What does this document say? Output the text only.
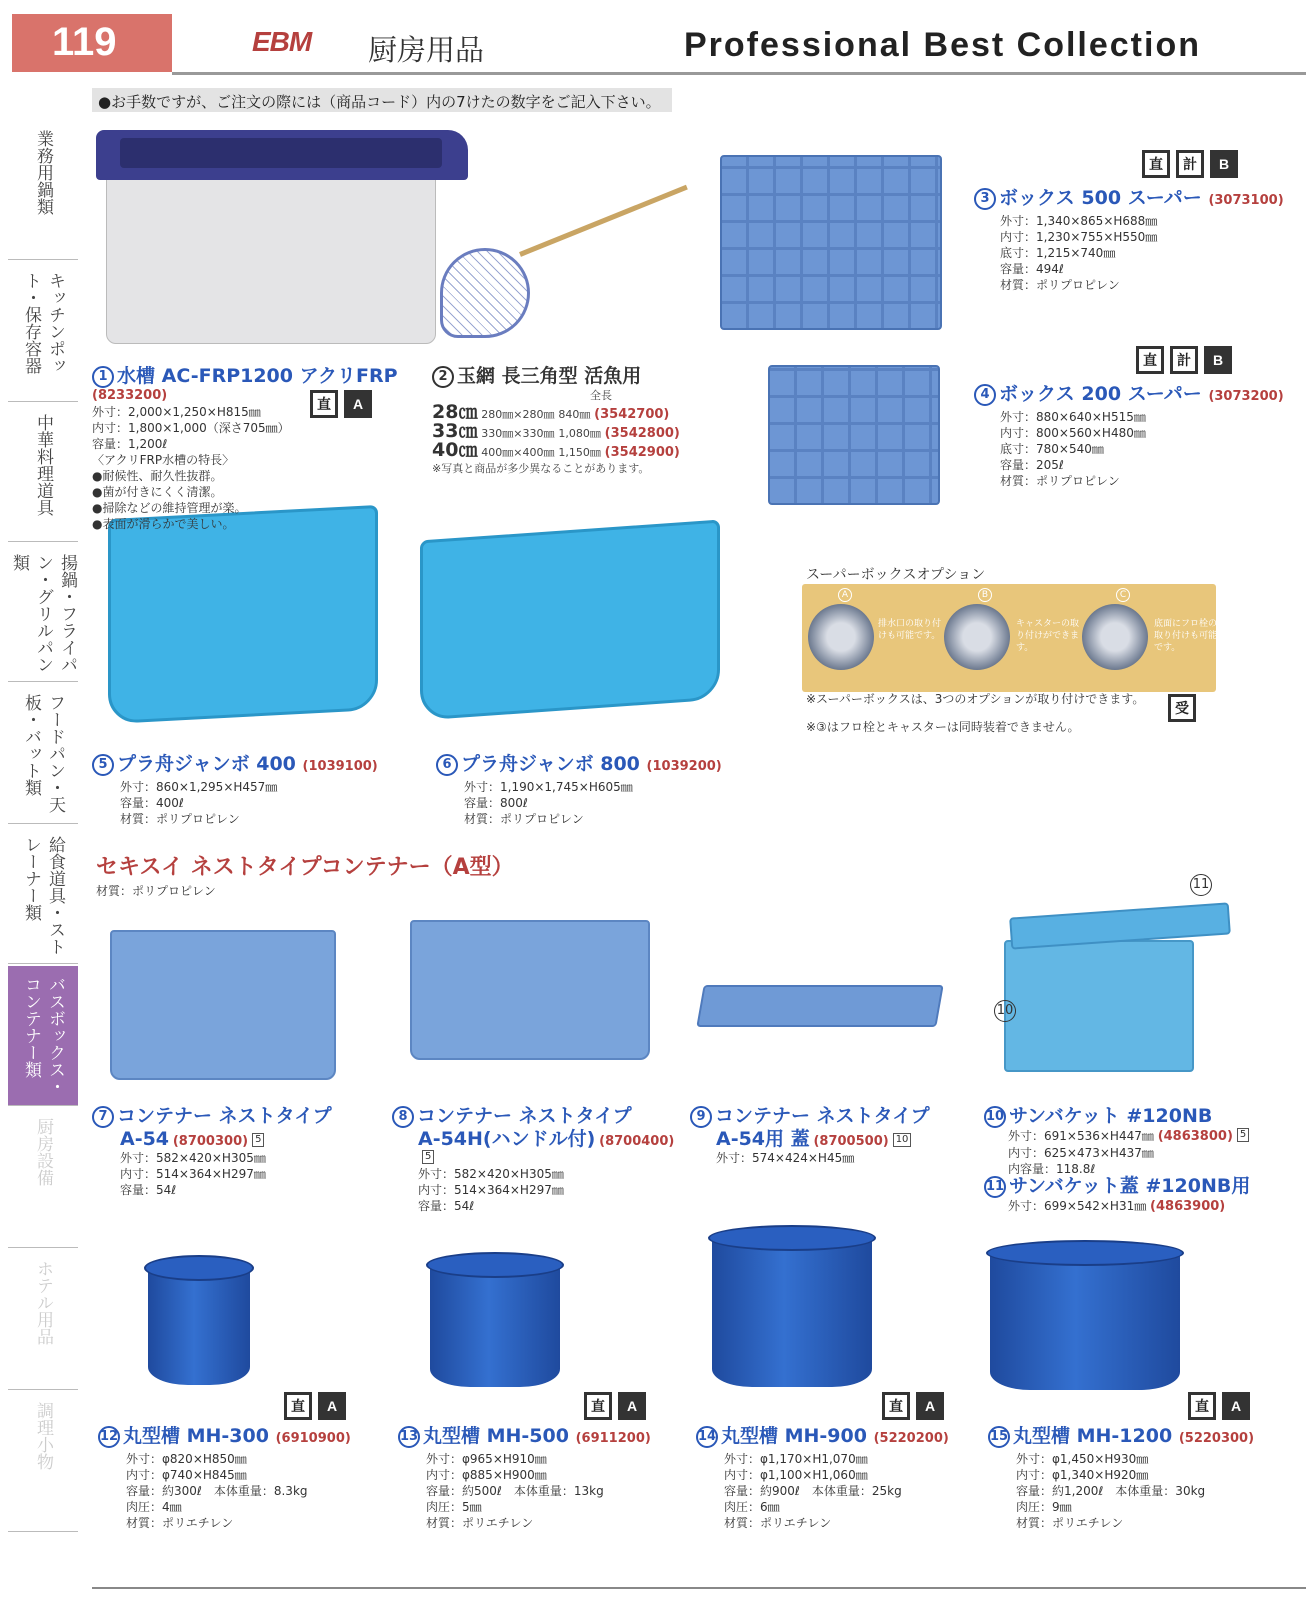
119	EBM 厨房用品	Professional Best Collection
●お手数ですが、ご注文の際には（商品コード）内の7けたの数字をご記入下さい。
業務用鍋類
キッチンポット・保存容器
中華料理道具
揚鍋・フライパン・グリルパン類
フードパン・天板・バット類
給食道具・ストレーナー類
バスボックス・コンテナー類
厨房設備
ホテル用品
調理小物
10
11
1 水槽 AC-FRP1200 アクリFRP
(8233200)
外寸：2,000×1,250×H815㎜
内寸：1,800×1,000（深さ705㎜）
容量：1,200ℓ
〈アクリFRP水槽の特長〉
●耐候性、耐久性抜群。
●菌が付きにくく清潔。
●掃除などの維持管理が楽。
●表面が滑らかで美しい。
直	A
2 玉網 長三角型 活魚用
全長
28㎝ 280㎜×280㎜ 840㎜ (3542700)
33㎝ 330㎜×330㎜ 1,080㎜ (3542800)
40㎝ 400㎜×400㎜ 1,150㎜ (3542900)
※写真と商品が多少異なることがあります。
直	計	B
3 ボックス 500 スーパー (3073100)
外寸：1,340×865×H688㎜
内寸：1,230×755×H550㎜
底寸：1,215×740㎜
容量：494ℓ
材質：ポリプロピレン
直	計	B
4 ボックス 200 スーパー (3073200)
外寸：880×640×H515㎜
内寸：800×560×H480㎜
底寸：780×540㎜
容量：205ℓ
材質：ポリプロピレン
スーパーボックスオプション
A
排水口の取り付けも可能です。
B
キャスターの取り付けができます。
C
底面にフロ栓の取り付けも可能です。
※スーパーボックスは、3つのオプションが取り付けできます。
受
※③はフロ栓とキャスターは同時装着できません。
5 プラ舟ジャンボ 400 (1039100)
外寸：860×1,295×H457㎜
容量：400ℓ
材質：ポリプロピレン
6 プラ舟ジャンボ 800 (1039200)
外寸：1,190×1,745×H605㎜
容量：800ℓ
材質：ポリプロピレン
セキスイ ネストタイプコンテナー（A型）
材質：ポリプロピレン
7 コンテナー ネストタイプ
A-54 (8700300) 5
外寸：582×420×H305㎜
内寸：514×364×H297㎜
容量：54ℓ
8 コンテナー ネストタイプ
A-54H(ハンドル付) (8700400)5
外寸：582×420×H305㎜
内寸：514×364×H297㎜
容量：54ℓ
9 コンテナー ネストタイプ
A-54用 蓋 (8700500) 10
外寸：574×424×H45㎜
10 サンバケット #120NB
外寸：691×536×H447㎜ (4863800) 5
内寸：625×473×H437㎜
内容量：118.8ℓ
11 サンバケット蓋 #120NB用
外寸：699×542×H31㎜ (4863900)
直	A	直	A	直	A	直	A
12 丸型槽 MH-300 (6910900)
外寸：φ820×H850㎜
内寸：φ740×H845㎜
容量：約300ℓ　本体重量：8.3kg
肉圧：4㎜
材質：ポリエチレン
13 丸型槽 MH-500 (6911200)
外寸：φ965×H910㎜
内寸：φ885×H900㎜
容量：約500ℓ　本体重量：13kg
肉圧：5㎜
材質：ポリエチレン
14 丸型槽 MH-900 (5220200)
外寸：φ1,170×H1,070㎜
内寸：φ1,100×H1,060㎜
容量：約900ℓ　本体重量：25kg
肉圧：6㎜
材質：ポリエチレン
15 丸型槽 MH-1200 (5220300)
外寸：φ1,450×H930㎜
内寸：φ1,340×H920㎜
容量：約1,200ℓ　本体重量：30kg
肉圧：9㎜
材質：ポリエチレン
